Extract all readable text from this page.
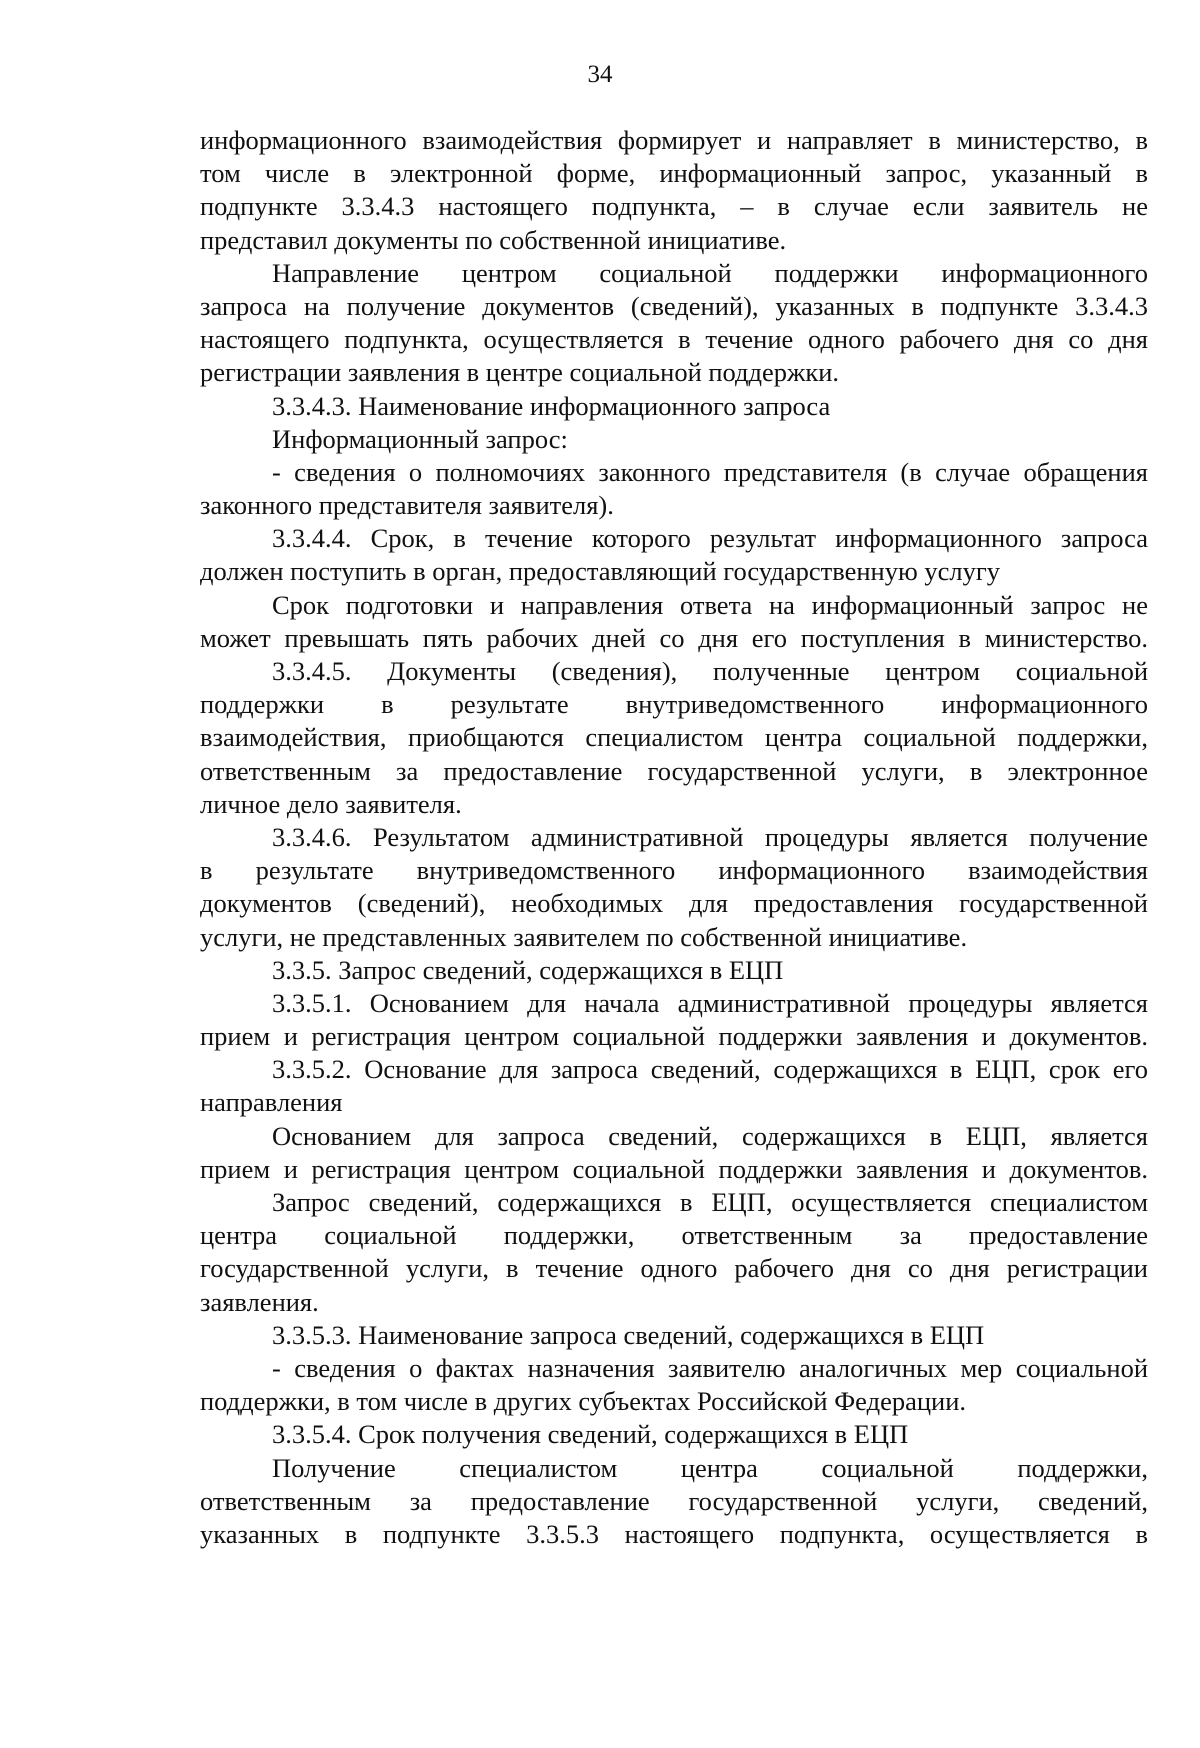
34
информационного взаимодействия формирует и направляет в министерство, в
том числе в электронной форме, информационный запрос, указанный в
подпункте 3.3.4.3 настоящего подпункта, – в случае если заявитель не
представил документы по собственной инициативе.
Направление центром социальной поддержки информационного
запроса на получение документов (сведений), указанных в подпункте 3.3.4.3
настоящего подпункта, осуществляется в течение одного рабочего дня со дня
регистрации заявления в центре социальной поддержки.
3.3.4.3. Наименование информационного запроса
Информационный запрос:
- сведения о полномочиях законного представителя (в случае обращения
законного представителя заявителя).
3.3.4.4. Срок, в течение которого результат информационного запроса
должен поступить в орган, предоставляющий государственную услугу
Срок подготовки и направления ответа на информационный запрос не
может превышать пять рабочих дней со дня его поступления в министерство.
3.3.4.5. Документы (сведения), полученные центром социальной
поддержки в результате внутриведомственного информационного
взаимодействия, приобщаются специалистом центра социальной поддержки,
ответственным за предоставление государственной услуги, в электронное
личное дело заявителя.
3.3.4.6. Результатом административной процедуры является получение
в результате внутриведомственного информационного взаимодействия
документов (сведений), необходимых для предоставления государственной
услуги, не представленных заявителем по собственной инициативе.
3.3.5. Запрос сведений, содержащихся в ЕЦП
3.3.5.1. Основанием для начала административной процедуры является
прием и регистрация центром социальной поддержки заявления и документов.
3.3.5.2. Основание для запроса сведений, содержащихся в ЕЦП, срок его
направления
Основанием для запроса сведений, содержащихся в ЕЦП, является
прием и регистрация центром социальной поддержки заявления и документов.
Запрос сведений, содержащихся в ЕЦП, осуществляется специалистом
центра социальной поддержки, ответственным за предоставление
государственной услуги, в течение одного рабочего дня со дня регистрации
заявления.
3.3.5.3. Наименование запроса сведений, содержащихся в ЕЦП
- сведения о фактах назначения заявителю аналогичных мер социальной
поддержки, в том числе в других субъектах Российской Федерации.
3.3.5.4. Срок получения сведений, содержащихся в ЕЦП
Получение специалистом центра социальной поддержки,
ответственным за предоставление государственной услуги, сведений,
указанных в подпункте 3.3.5.3 настоящего подпункта, осуществляется в
